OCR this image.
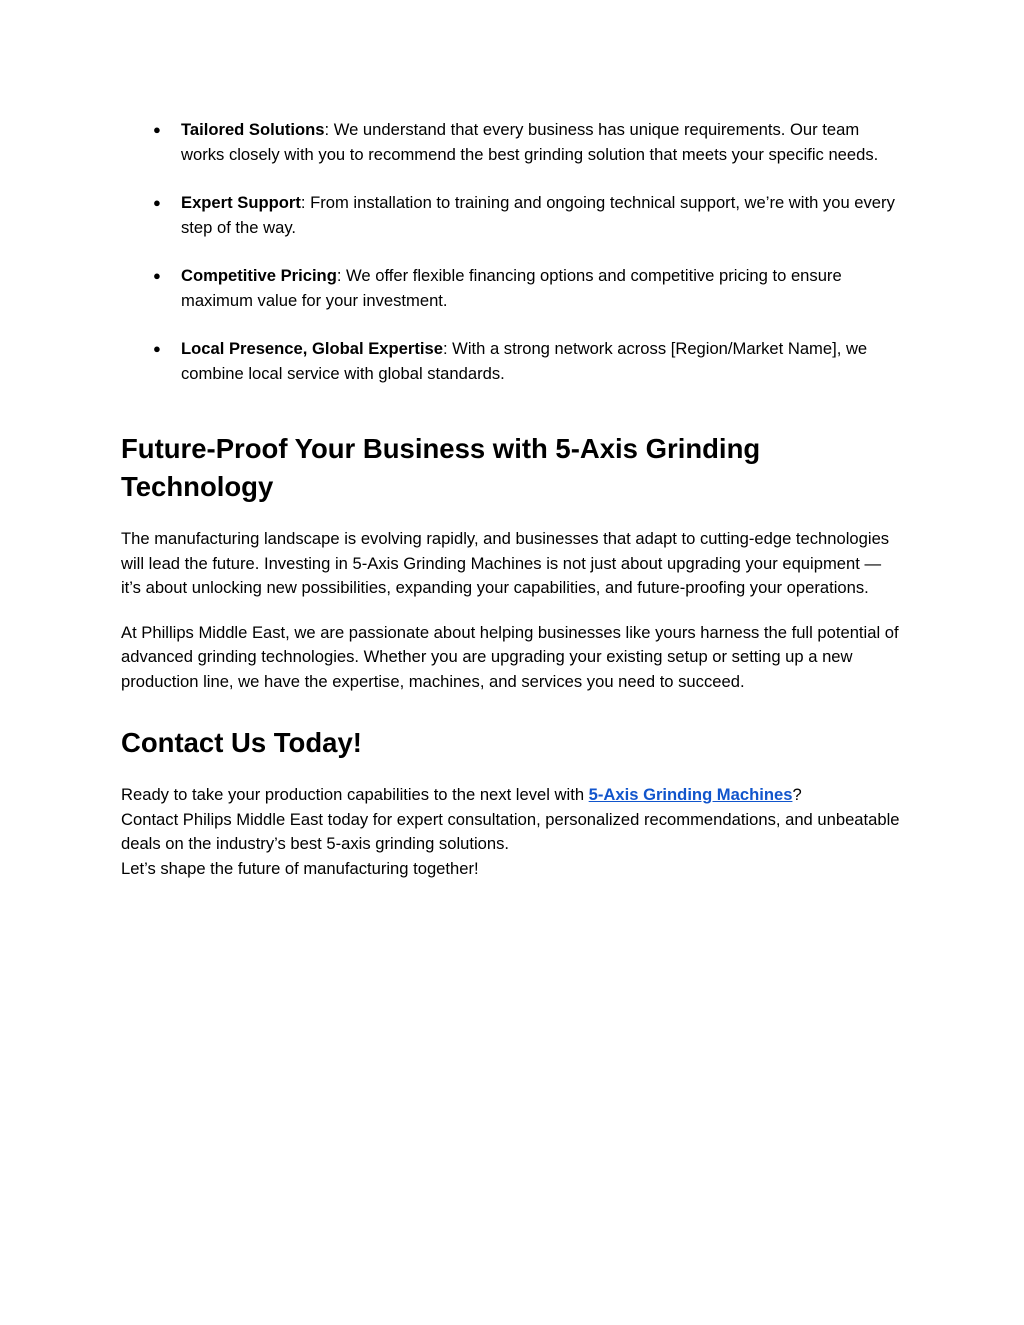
● Tailored Solutions: We understand that every business has unique requirements. Our team works closely with you to recommend the best grinding solution that meets your specific needs.
● Expert Support: From installation to training and ongoing technical support, we’re with you every step of the way.
● Competitive Pricing: We offer flexible financing options and competitive pricing to ensure maximum value for your investment.
● Local Presence, Global Expertise: With a strong network across [Region/Market Name], we combine local service with global standards.
Future-Proof Your Business with 5-Axis Grinding Technology

The manufacturing landscape is evolving rapidly, and businesses that adapt to cutting-edge technologies will lead the future. Investing in 5-Axis Grinding Machines is not just about upgrading your equipment — it’s about unlocking new possibilities, expanding your capabilities, and future-proofing your operations.

At Phillips Middle East, we are passionate about helping businesses like yours harness the full potential of advanced grinding technologies. Whether you are upgrading your existing setup or setting up a new production line, we have the expertise, machines, and services you need to succeed.

Contact Us Today!

Ready to take your production capabilities to the next level with 5-Axis Grinding Machines?
Contact Philips Middle East today for expert consultation, personalized recommendations, and unbeatable deals on the industry’s best 5-axis grinding solutions.
Let’s shape the future of manufacturing together!
